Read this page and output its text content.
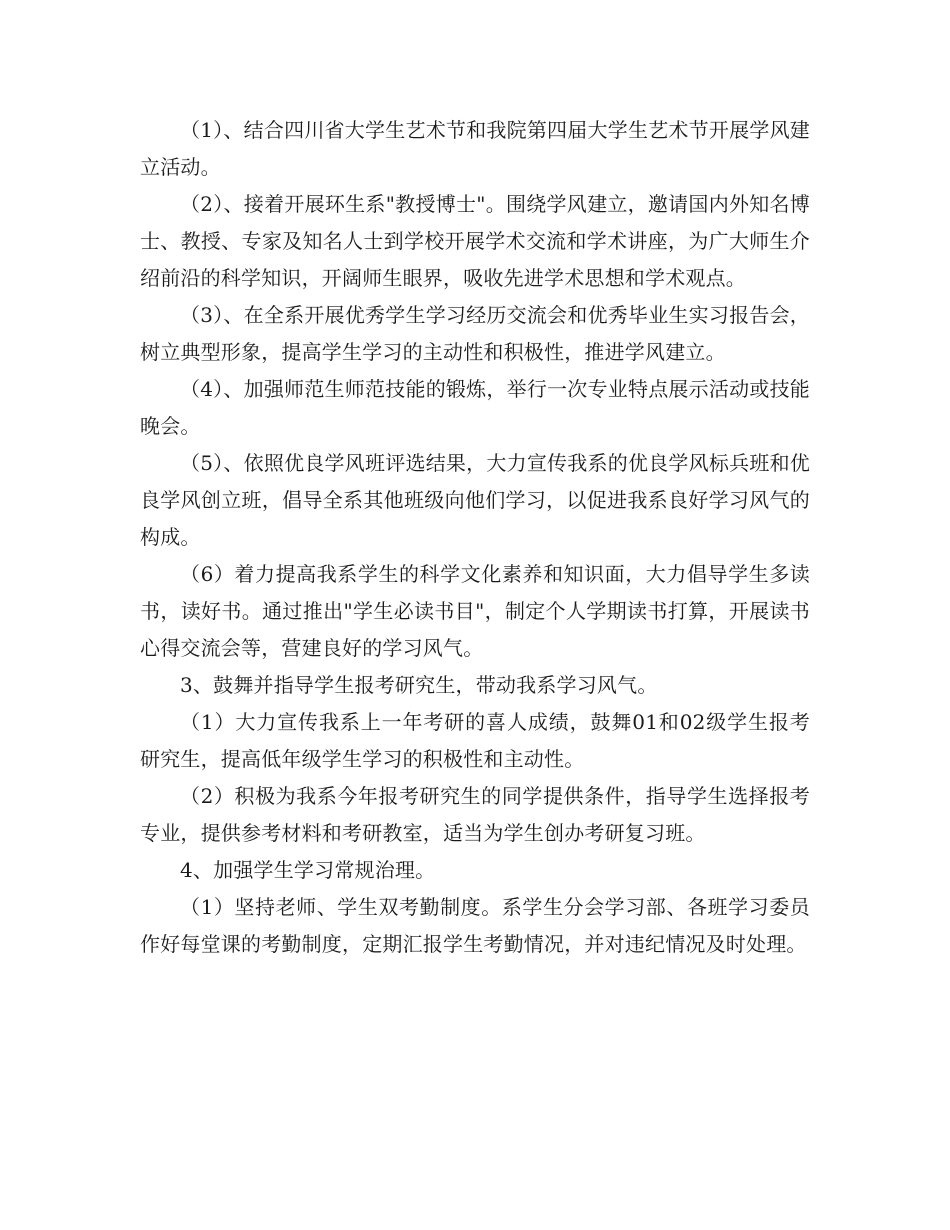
（1）、结合四川省大学生艺术节和我院第四届大学生艺术节开展学风建立活动。

（2）、接着开展环生系"教授博士"。围绕学风建立，邀请国内外知名博士、教授、专家及知名人士到学校开展学术交流和学术讲座，为广大师生介绍前沿的科学知识，开阔师生眼界，吸收先进学术思想和学术观点。

（3）、在全系开展优秀学生学习经历交流会和优秀毕业生实习报告会，树立典型形象，提高学生学习的主动性和积极性，推进学风建立。

（4）、加强师范生师范技能的锻炼，举行一次专业特点展示活动或技能晚会。

（5）、依照优良学风班评选结果，大力宣传我系的优良学风标兵班和优良学风创立班，倡导全系其他班级向他们学习，以促进我系良好学习风气的构成。

（6）着力提高我系学生的科学文化素养和知识面，大力倡导学生多读书，读好书。通过推出"学生必读书目"，制定个人学期读书打算，开展读书心得交流会等，营建良好的学习风气。

3、鼓舞并指导学生报考研究生，带动我系学习风气。

（1）大力宣传我系上一年考研的喜人成绩，鼓舞01和02级学生报考研究生，提高低年级学生学习的积极性和主动性。

（2）积极为我系今年报考研究生的同学提供条件，指导学生选择报考专业，提供参考材料和考研教室，适当为学生创办考研复习班。

4、加强学生学习常规治理。

（1）坚持老师、学生双考勤制度。系学生分会学习部、各班学习委员作好每堂课的考勤制度，定期汇报学生考勤情况，并对违纪情况及时处理。
